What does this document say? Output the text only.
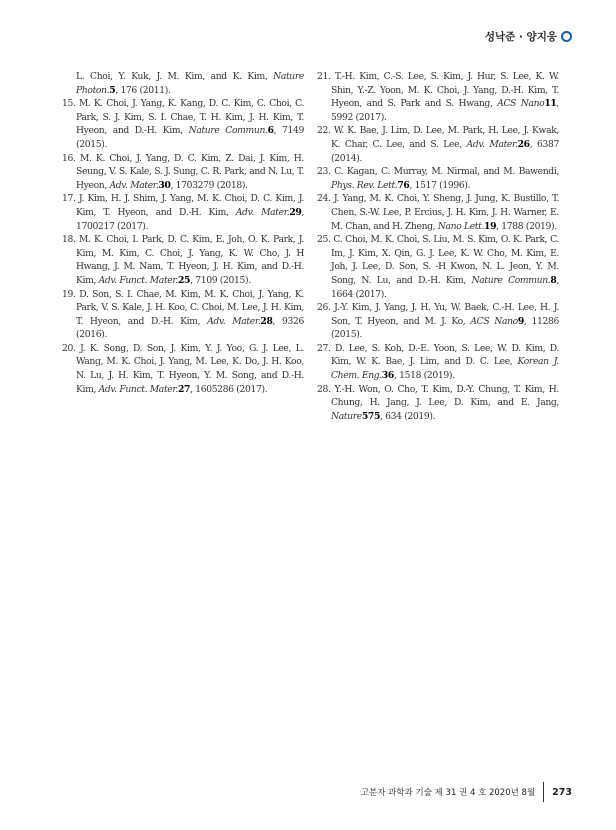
성낙준 · 양지웅

L. Choi, Y. Kuk, J. M. Kim, and K. Kim, Nature Photon.5, 176 (2011).

15. M. K. Choi, J. Yang, K. Kang, D. C. Kim, C. Choi, C. Park, S. J. Kim, S. I. Chae, T. H. Kim, J. H. Kim, T. Hyeon, and D.-H. Kim, Nature Commun.6, 7149 (2015).

16. M. K. Choi, J. Yang, D. C. Kim, Z. Dai, J. Kim, H. Seung, V. S. Kale, S. J. Sung, C. R. Park, and N. Lu, T. Hyeon, Adv. Mater.30, 1703279 (2018).

17. J. Kim, H. J. Shim, J. Yang, M. K. Choi, D. C. Kim, J. Kim, T. Hyeon, and D.-H. Kim, Adv. Mater.29, 1700217 (2017).

18. M. K. Choi, I. Park, D. C. Kim, E. Joh, O. K. Park, J. Kim, M. Kim, C. Choi, J. Yang, K. W. Cho, J. H Hwang, J. M. Nam, T. Hyeon, J. H. Kim, and D.-H. Kim, Adv. Funct. Mater.25, 7109 (2015).

19. D. Son, S. I. Chae, M. Kim, M. K. Choi, J. Yang, K. Park, V. S. Kale, J. H. Koo, C. Choi, M. Lee, J. H. Kim, T. Hyeon, and D.-H. Kim, Adv. Mater.28, 9326 (2016).

20. J. K. Song, D. Son, J. Kim, Y. J. Yoo, G. J. Lee, L. Wang, M. K. Choi, J. Yang, M. Lee, K. Do, J. H. Koo, N. Lu, J. H. Kim, T. Hyeon, Y. M. Song, and D.-H. Kim, Adv. Funct. Mater.27, 1605286 (2017).

21. T.-H. Kim, C.-S. Lee, S. Kim, J. Hur, S. Lee, K. W. Shin, Y.-Z. Yoon, M. K. Choi, J. Yang, D.-H. Kim, T. Hyeon, and S. Park and S. Hwang, ACS Nano11, 5992 (2017).

22. W. K. Bae, J. Lim, D. Lee, M. Park, H. Lee, J. Kwak, K. Char, C. Lee, and S. Lee, Adv. Mater.26, 6387 (2014).

23. C. Kagan, C. Murray, M. Nirmal, and M. Bawendi, Phys. Rev. Lett.76, 1517 (1996).

24. J. Yang, M. K. Choi, Y. Sheng, J. Jung, K. Bustillo, T. Chen, S.-W. Lee, P. Ercius, J. H. Kim, J. H. Warner, E. M. Chan, and H. Zheng, Nano Lett.19, 1788 (2019).

25. C. Choi, M. K. Choi, S. Liu, M. S. Kim, O. K. Park, C. Im, J. Kim, X. Qin, G. J. Lee, K. W. Cho, M. Kim, E. Joh, J. Lee, D. Son, S. -H Kwon, N. L. Jeon, Y. M. Song, N. Lu, and D.-H. Kim, Nature Commun.8, 1664 (2017).

26. J.-Y. Kim, J. Yang, J. H. Yu, W. Baek, C.-H. Lee, H. J. Son, T. Hyeon, and M. J. Ko, ACS Nano9, 11286 (2015).

27. D. Lee, S. Koh, D.-E. Yoon, S. Lee, W. D. Kim, D. Kim, W. K. Bae, J. Lim, and D. C. Lee, Korean J. Chem. Eng.36, 1518 (2019).

28. Y.-H. Won, O. Cho, T. Kim, D.-Y. Chung, T. Kim, H. Chung, H. Jang, J. Lee, D. Kim, and E. Jang, Nature575, 634 (2019).

고분자 과학과 기술 제 31 권 4 호 2020년 8월 273
